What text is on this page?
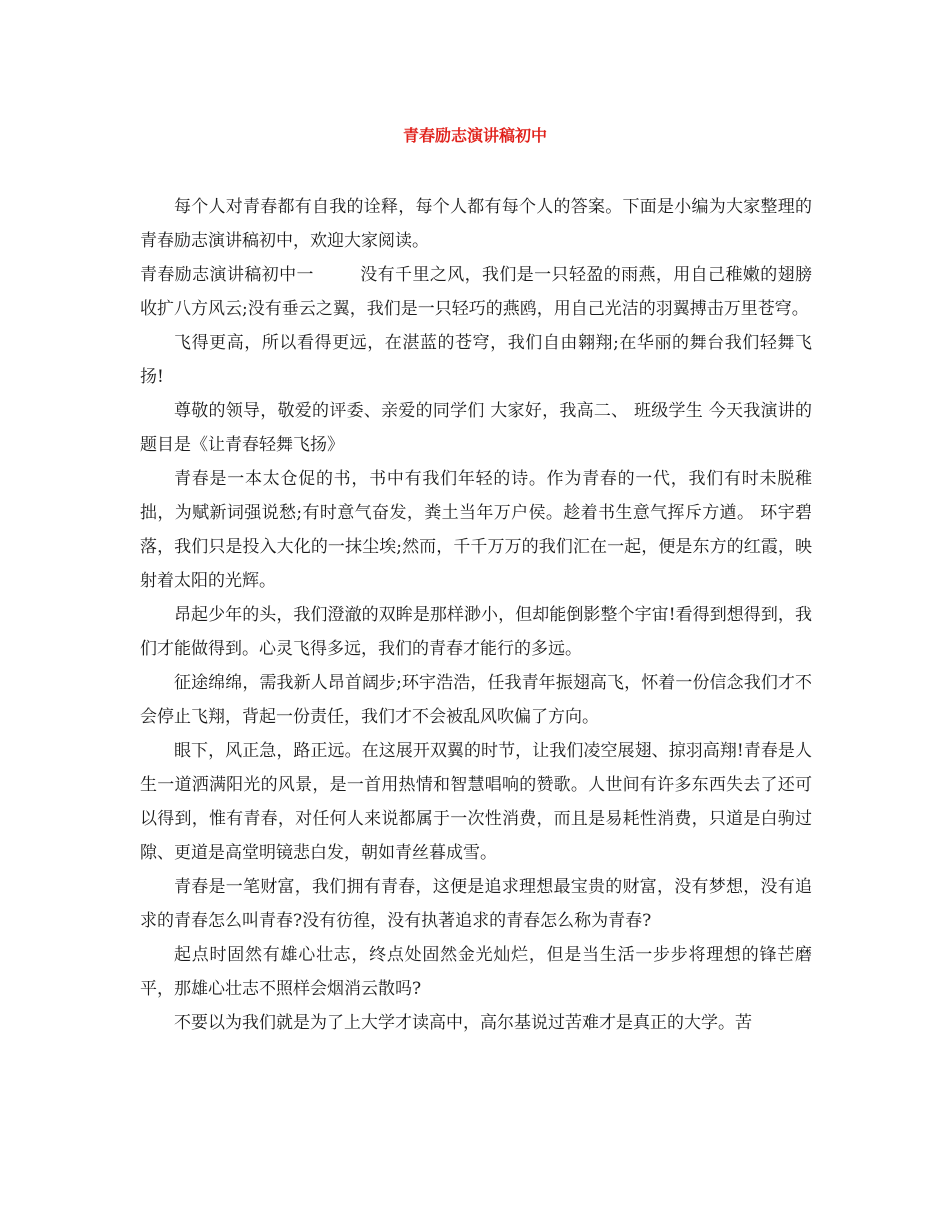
青春励志演讲稿初中

每个人对青春都有自我的诠释，每个人都有每个人的答案。下面是小编为大家整理的青春励志演讲稿初中，欢迎大家阅读。

青春励志演讲稿初中一	没有千里之风，我们是一只轻盈的雨燕，用自己稚嫩的翅膀收扩八方风云;没有垂云之翼，我们是一只轻巧的燕鸥，用自己光洁的羽翼搏击万里苍穹。

飞得更高，所以看得更远，在湛蓝的苍穹，我们自由翱翔;在华丽的舞台我们轻舞飞扬!

尊敬的领导，敬爱的评委、亲爱的同学们 大家好，我高二、 班级学生 今天我演讲的题目是《让青春轻舞飞扬》

青春是一本太仓促的书，书中有我们年轻的诗。作为青春的一代，我们有时未脱稚拙，为赋新词强说愁;有时意气奋发，粪土当年万户侯。趁着书生意气挥斥方遒。 环宇碧落，我们只是投入大化的一抹尘埃;然而，千千万万的我们汇在一起，便是东方的红霞，映射着太阳的光辉。

昂起少年的头，我们澄澈的双眸是那样渺小，但却能倒影整个宇宙!看得到想得到，我们才能做得到。心灵飞得多远，我们的青春才能行的多远。

征途绵绵，需我新人昂首阔步;环宇浩浩，任我青年振翅高飞，怀着一份信念我们才不会停止飞翔，背起一份责任，我们才不会被乱风吹偏了方向。

眼下，风正急，路正远。在这展开双翼的时节，让我们凌空展翅、掠羽高翔!青春是人生一道洒满阳光的风景，是一首用热情和智慧唱响的赞歌。人世间有许多东西失去了还可以得到，惟有青春，对任何人来说都属于一次性消费，而且是易耗性消费，只道是白驹过隙、更道是高堂明镜悲白发，朝如青丝暮成雪。

青春是一笔财富，我们拥有青春，这便是追求理想最宝贵的财富，没有梦想，没有追求的青春怎么叫青春?没有彷徨，没有执著追求的青春怎么称为青春?

起点时固然有雄心壮志，终点处固然金光灿烂，但是当生活一步步将理想的锋芒磨平，那雄心壮志不照样会烟消云散吗?

不要以为我们就是为了上大学才读高中，高尔基说过苦难才是真正的大学。苦
